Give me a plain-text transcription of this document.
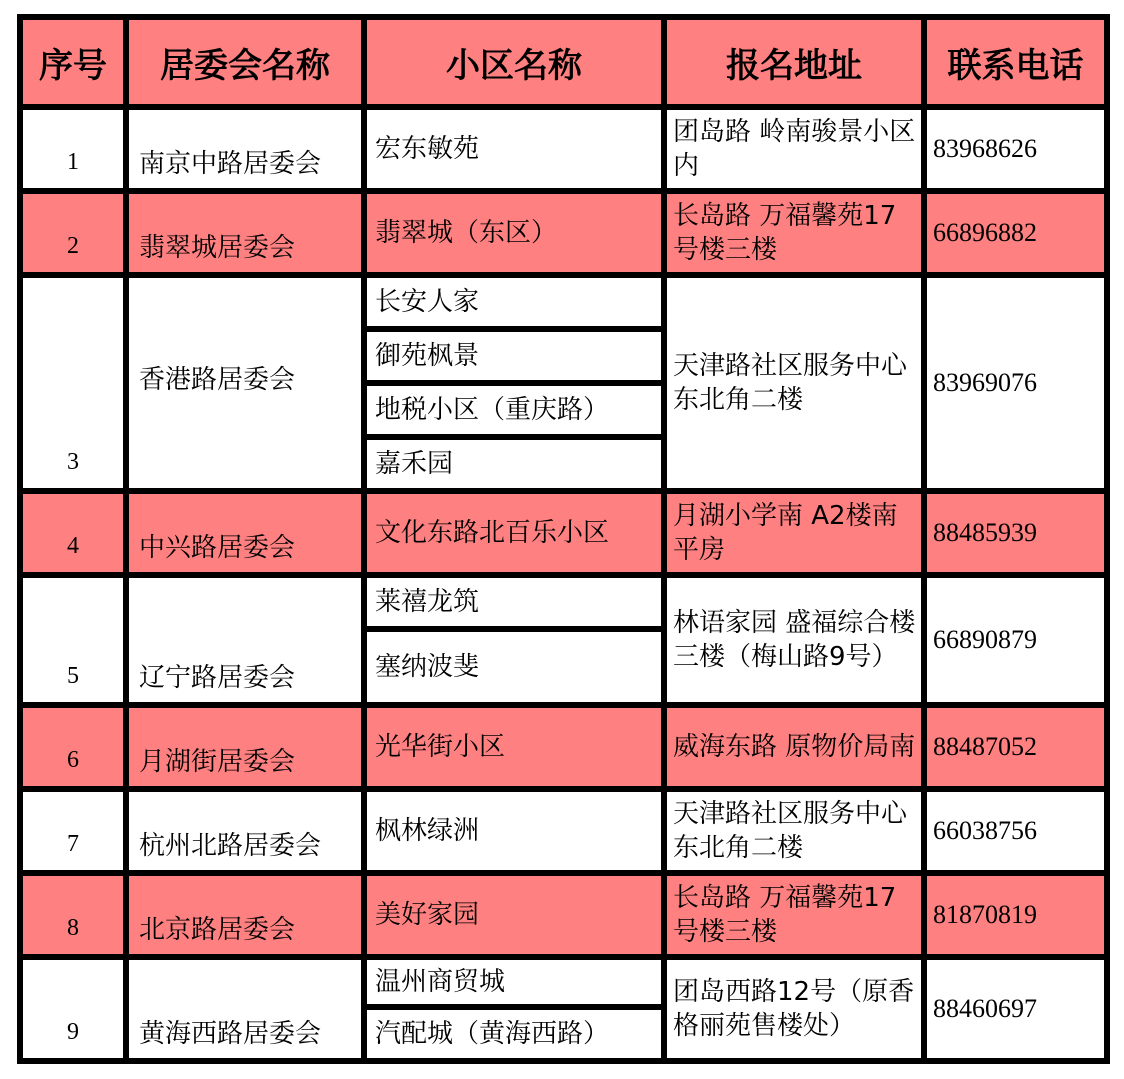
序号	居委会名称	小区名称	报名地址	联系电话
1	南京中路居委会	宏东敏苑	团岛路 岭南骏景小区内	83968626
2	翡翠城居委会	翡翠城（东区）	长岛路 万福馨苑17号楼三楼	66896882
3	香港路居委会	长安人家	天津路社区服务中心东北角二楼	83969076
		御苑枫景		
		地税小区（重庆路）		
		嘉禾园		
4	中兴路居委会	文化东路北百乐小区	月湖小学南 A2楼南平房	88485939
5	辽宁路居委会	莱禧龙筑	林语家园 盛福综合楼三楼（梅山路9号）	66890879
		塞纳波斐		
6	月湖街居委会	光华街小区	威海东路 原物价局南	88487052
7	杭州北路居委会	枫林绿洲	天津路社区服务中心东北角二楼	66038756
8	北京路居委会	美好家园	长岛路 万福馨苑17号楼三楼	81870819
9	黄海西路居委会	温州商贸城	团岛西路12号（原香格丽苑售楼处）	88460697
		汽配城（黄海西路）		
